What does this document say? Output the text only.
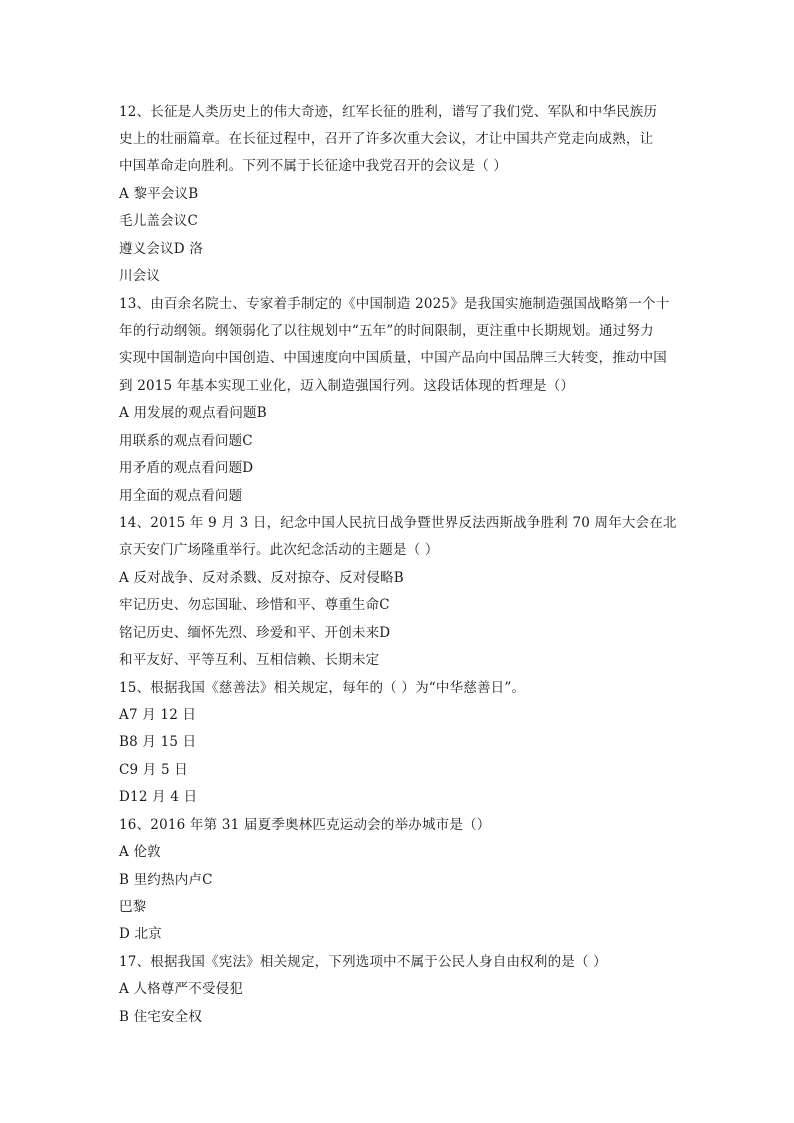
12、长征是人类历史上的伟大奇迹，红军长征的胜利，谱写了我们党、军队和中华民族历
史上的壮丽篇章。在长征过程中，召开了许多次重大会议，才让中国共产党走向成熟，让
中国革命走向胜利。下列不属于长征途中我党召开的会议是（ ）
A 黎平会议B
毛儿盖会议C
遵义会议D 洛
川会议
13、由百余名院士、专家着手制定的《中国制造 2025》是我国实施制造强国战略第一个十
年的行动纲领。纲领弱化了以往规划中“五年”的时间限制，更注重中长期规划。通过努力
实现中国制造向中国创造、中国速度向中国质量，中国产品向中国品牌三大转变，推动中国
到 2015 年基本实现工业化，迈入制造强国行列。这段话体现的哲理是（）
A 用发展的观点看问题B
用联系的观点看问题C
用矛盾的观点看问题D
用全面的观点看问题
14、2015 年 9 月 3 日，纪念中国人民抗日战争暨世界反法西斯战争胜利 70 周年大会在北
京天安门广场隆重举行。此次纪念活动的主题是（ ）
A 反对战争、反对杀戮、反对掠夺、反对侵略B
牢记历史、勿忘国耻、珍惜和平、尊重生命C
铭记历史、缅怀先烈、珍爱和平、开创未来D
和平友好、平等互利、互相信赖、长期未定
15、根据我国《慈善法》相关规定，每年的（ ）为“中华慈善日”。
A7 月 12 日
B8 月 15 日
C9 月 5 日
D12 月 4 日
16、2016 年第 31 届夏季奥林匹克运动会的举办城市是（）
A 伦敦
B 里约热内卢C
巴黎
D 北京
17、根据我国《宪法》相关规定，下列选项中不属于公民人身自由权利的是（ ）
A 人格尊严不受侵犯
B 住宅安全权
